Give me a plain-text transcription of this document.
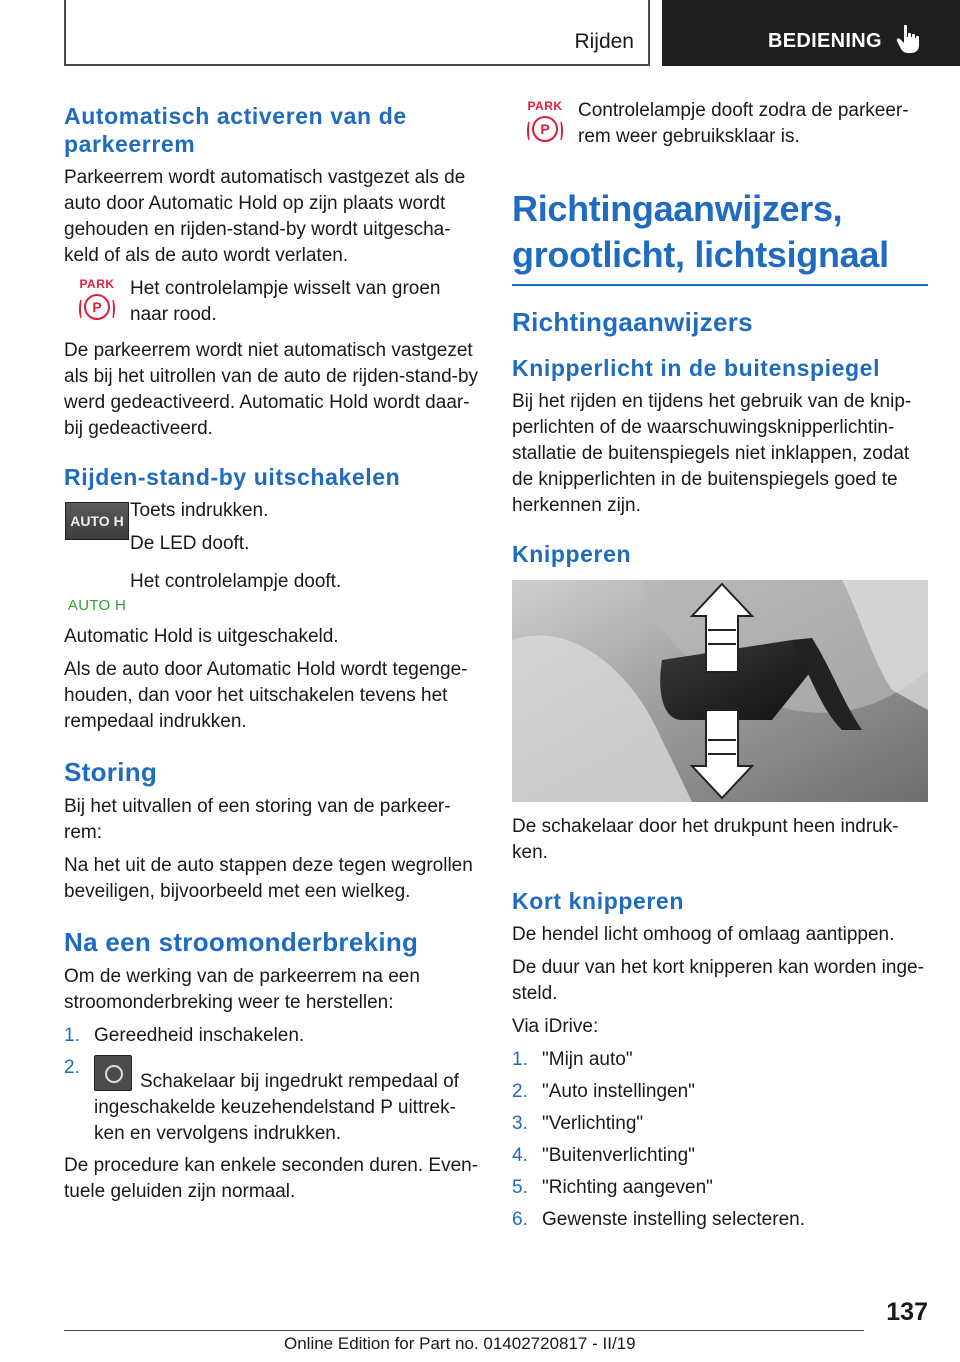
Rijden	BEDIENING
Automatisch activeren van de parkeerrem
Parkeerrem wordt automatisch vastgezet als de auto door Automatic Hold op zijn plaats wordt gehouden en rijden-stand-by wordt uitgescha-keld of als de auto wordt verlaten.
PARK
P
Het controlelampje wisselt van groen naar rood.
De parkeerrem wordt niet automatisch vastgezet als bij het uitrollen van de auto de rijden-stand-by werd gedeactiveerd. Automatic Hold wordt daar-bij gedeactiveerd.
Rijden-stand-by uitschakelen
AUTO H Toets indrukken.
De LED dooft.
AUTO H
Het controlelampje dooft.
Automatic Hold is uitgeschakeld.
Als de auto door Automatic Hold wordt tegenge-houden, dan voor het uitschakelen tevens het rempedaal indrukken.
Storing
Bij het uitvallen of een storing van de parkeer-rem:
Na het uit de auto stappen deze tegen wegrollen beveiligen, bijvoorbeeld met een wielkeg.
Na een stroomonderbreking
Om de werking van de parkeerrem na een stroomonderbreking weer te herstellen:
1. Gereedheid inschakelen.
2.
Schakelaar bij ingedrukt rempedaal of ingeschakelde keuzehendelstand P uittrek-ken en vervolgens indrukken.
De procedure kan enkele seconden duren. Even-tuele geluiden zijn normaal.
PARK
P
Controlelampje dooft zodra de parkeer-rem weer gebruiksklaar is.
Richtingaanwijzers, grootlicht, lichtsignaal
Richtingaanwijzers
Knipperlicht in de buitenspiegel
Bij het rijden en tijdens het gebruik van de knip-perlichten of de waarschuwingsknipperlichtin-stallatie de buitenspiegels niet inklappen, zodat de knipperlichten in de buitenspiegels goed te herkennen zijn.
Knipperen
De schakelaar door het drukpunt heen indruk-ken.
Kort knipperen
De hendel licht omhoog of omlaag aantippen.
De duur van het kort knipperen kan worden inge-steld.
Via iDrive:
1. "Mijn auto"
2. "Auto instellingen"
3. "Verlichting"
4. "Buitenverlichting"
5. "Richting aangeven"
6. Gewenste instelling selecteren.
137
Online Edition for Part no. 01402720817 - II/19
